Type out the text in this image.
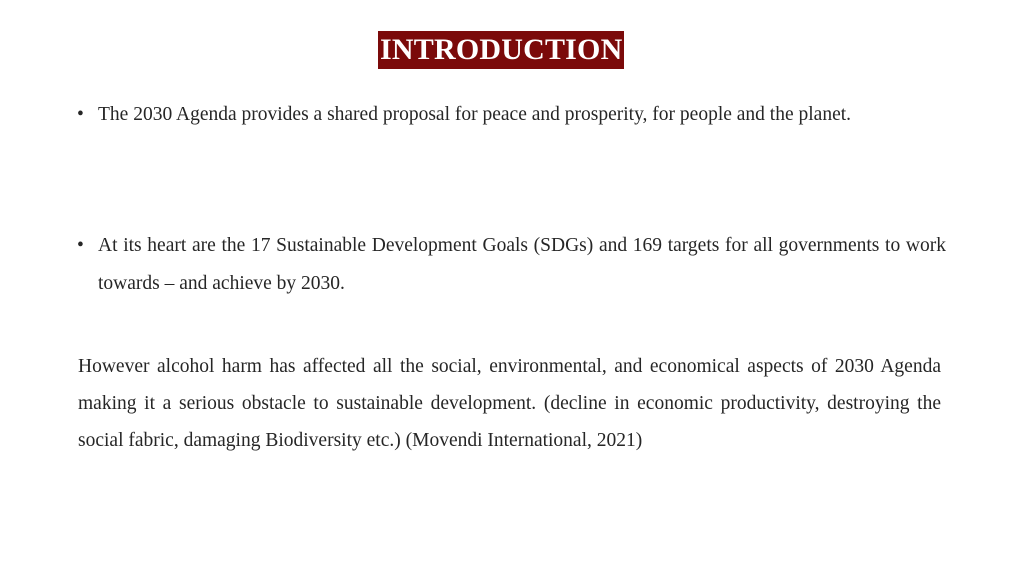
INTRODUCTION
• The 2030 Agenda provides a shared proposal for peace and prosperity, for people and the planet.
• At its heart are the 17 Sustainable Development Goals (SDGs) and 169 targets for all governments to work towards – and achieve by 2030.
However alcohol harm has affected all the social, environmental, and economical aspects of 2030 Agenda making it a serious obstacle to sustainable development. (decline in economic productivity, destroying the social fabric, damaging Biodiversity etc.) (Movendi International, 2021)
